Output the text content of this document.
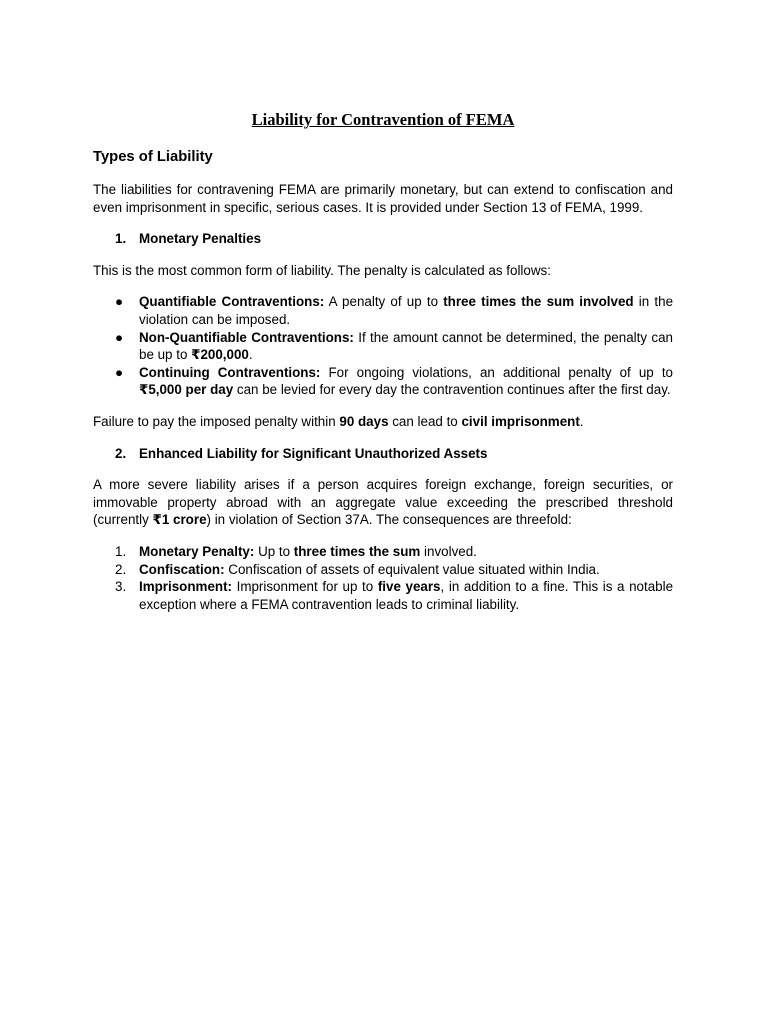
Liability for Contravention of FEMA
Types of Liability

The liabilities for contravening FEMA are primarily monetary, but can extend to confiscation and even imprisonment in specific, serious cases. It is provided under Section 13 of FEMA, 1999.

1. Monetary Penalties

This is the most common form of liability. The penalty is calculated as follows:

● Quantifiable Contraventions: A penalty of up to three times the sum involved in the violation can be imposed.
● Non-Quantifiable Contraventions: If the amount cannot be determined, the penalty can be up to ₹200,000.
● Continuing Contraventions: For ongoing violations, an additional penalty of up to ₹5,000 per day can be levied for every day the contravention continues after the first day.

Failure to pay the imposed penalty within 90 days can lead to civil imprisonment.

2. Enhanced Liability for Significant Unauthorized Assets

A more severe liability arises if a person acquires foreign exchange, foreign securities, or immovable property abroad with an aggregate value exceeding the prescribed threshold (currently ₹1 crore) in violation of Section 37A. The consequences are threefold:

1. Monetary Penalty: Up to three times the sum involved.
2. Confiscation: Confiscation of assets of equivalent value situated within India.
3. Imprisonment: Imprisonment for up to five years, in addition to a fine. This is a notable exception where a FEMA contravention leads to criminal liability.
